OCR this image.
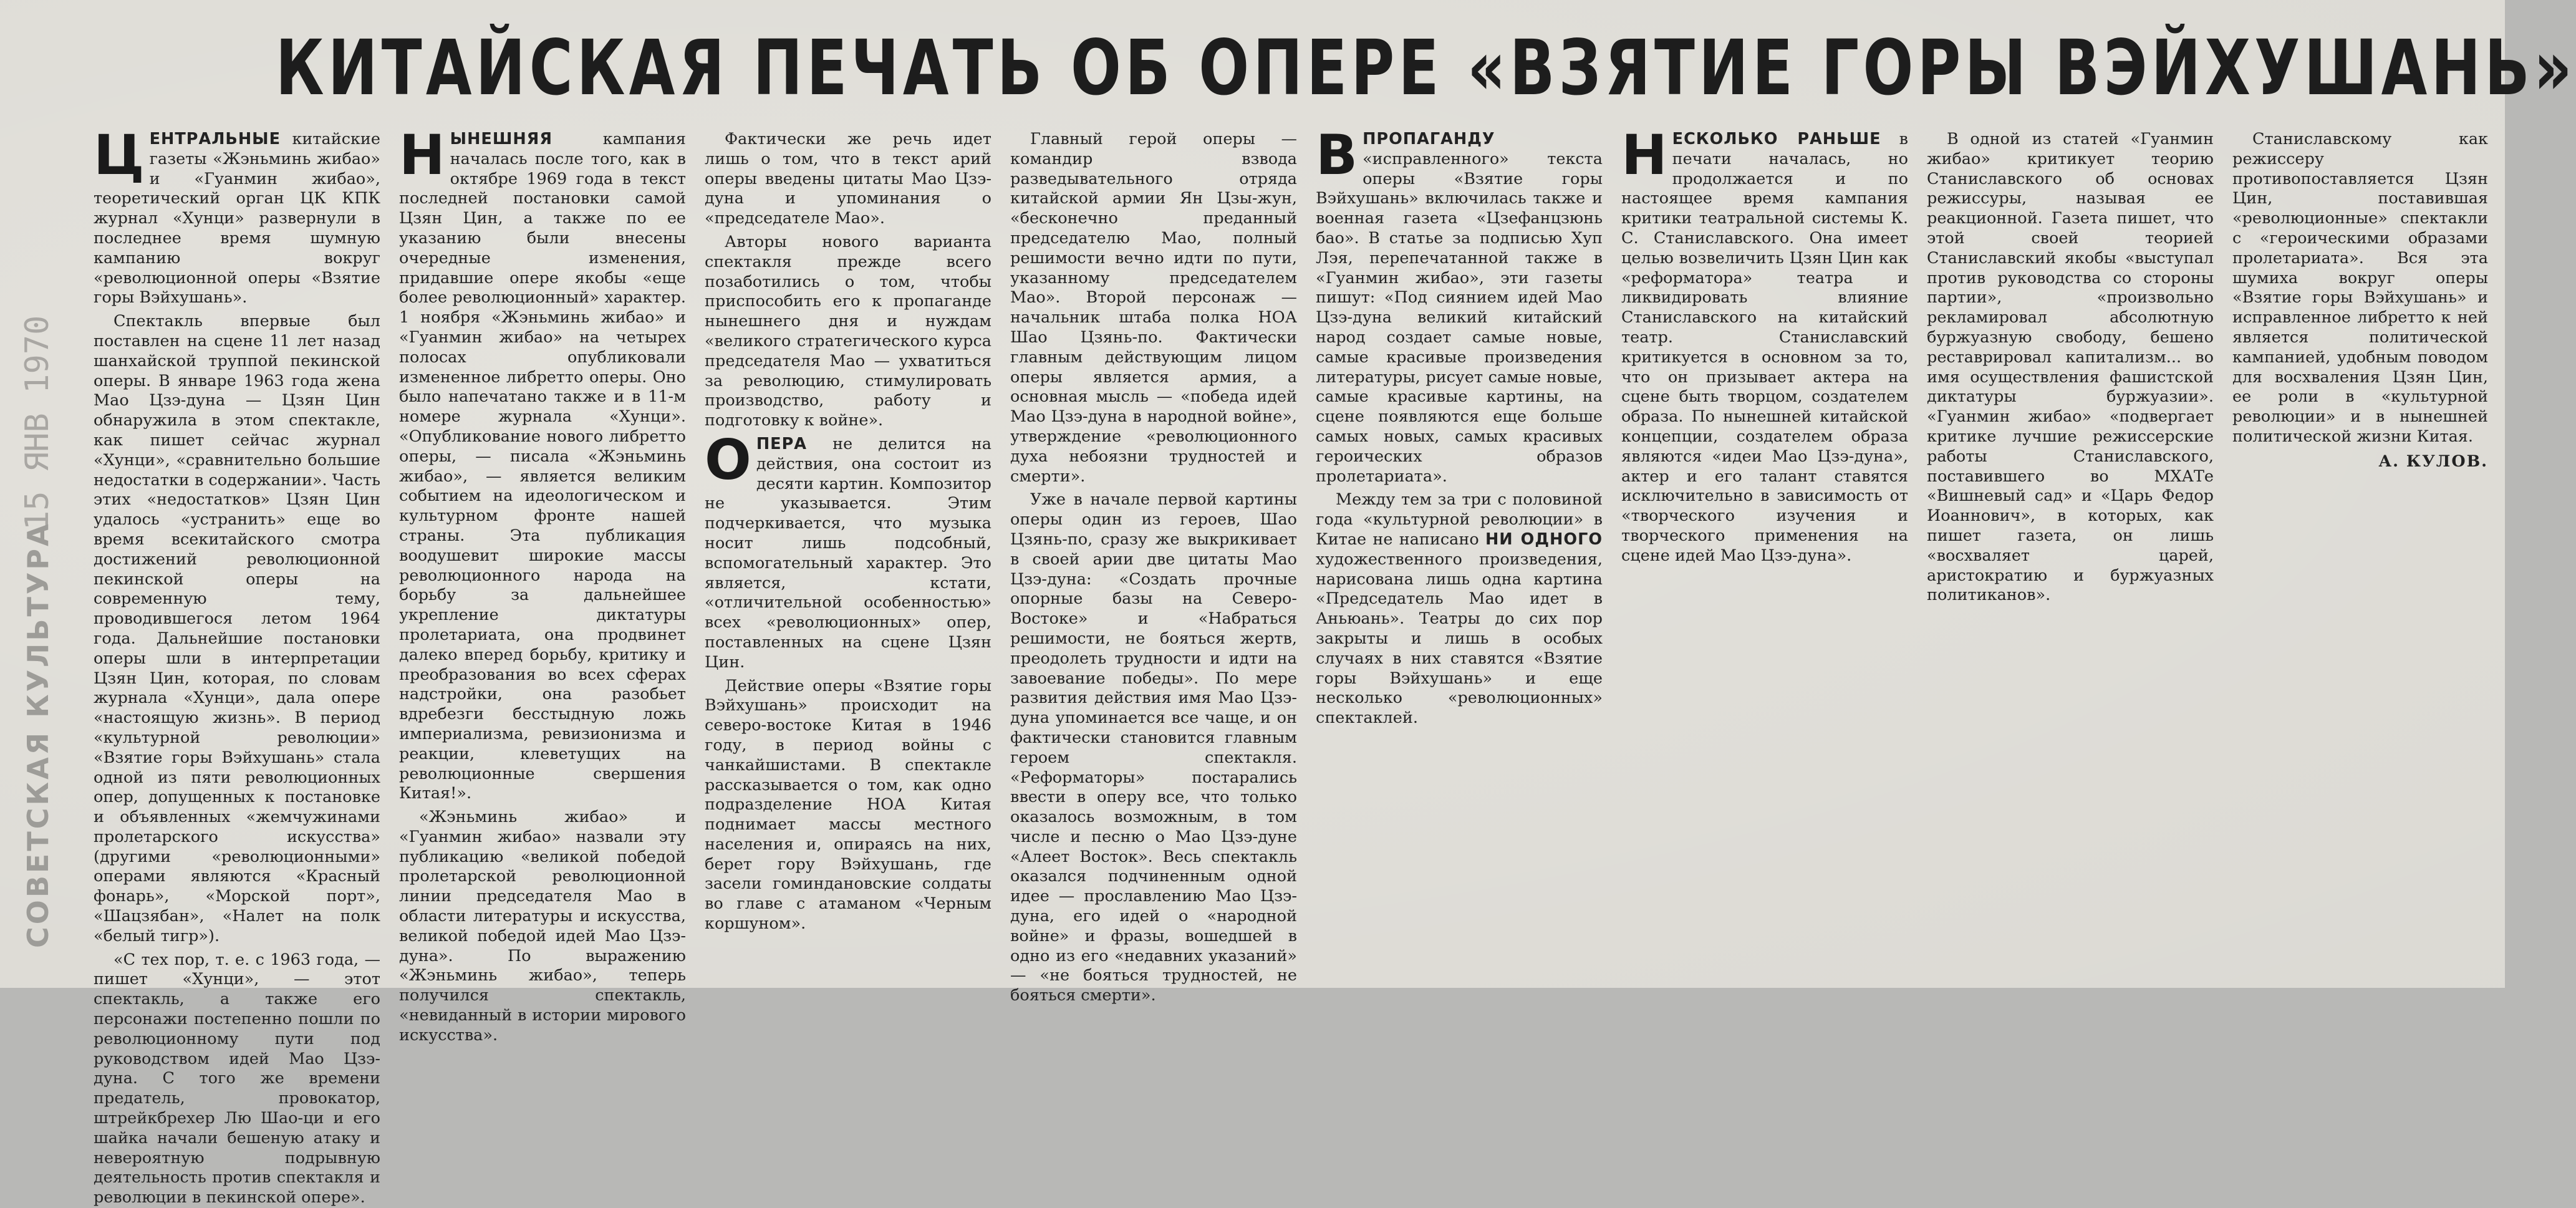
КИТАЙСКАЯ ПЕЧАТЬ ОБ ОПЕРЕ «ВЗЯТИЕ ГОРЫ ВЭЙХУШАНЬ»
15 ЯНВ 1970
СОВЕТСКАЯ КУЛЬТУРА

Ц ЕНТРАЛЬНЫЕ китайские газеты «Жэньминь жибао» и «Гуанмин жибао», теоретический орган ЦК КПК журнал «Хунци» развернули в последнее время шумную кампанию вокруг «революционной оперы «Взятие горы Вэйхушань».

Спектакль впервые был поставлен на сцене 11 лет назад шанхайской труппой пекинской оперы. В январе 1963 года жена Мао Цзэ-дуна — Цзян Цин обнаружила в этом спектакле, как пишет сейчас журнал «Хунци», «сравнительно большие недостатки в содержании». Часть этих «недостатков» Цзян Цин удалось «устранить» еще во время всекитайского смотра достижений революционной пекинской оперы на современную тему, проводившегося летом 1964 года. Дальнейшие постановки оперы шли в интерпретации Цзян Цин, которая, по словам журнала «Хунци», дала опере «настоящую жизнь». В период «культурной революции» «Взятие горы Вэйхушань» стала одной из пяти революционных опер, допущенных к постановке и объявленных «жемчужинами пролетарского искусства» (другими «революционными» операми являются «Красный фонарь», «Морской порт», «Шацзябан», «Налет на полк «белый тигр»).

«С тех пор, т. е. с 1963 года, — пишет «Хунци», — этот спектакль, а также его персонажи постепенно пошли по революционному пути под руководством идей Мао Цзэ-дуна. С того же времени предатель, провокатор, штрейкбрехер Лю Шао-ци и его шайка начали бешеную атаку и невероятную подрывную деятельность против спектакля и революции в пекинской опере».

Н ЫНЕШНЯЯ	кампания началась после того, как в октябре 1969 года в текст последней постановки самой Цзян Цин, а также по ее указанию были внесены очередные изменения, придавшие опере якобы «еще более революционный» характер. 1 ноября «Жэньминь жибао» и «Гуанмин жибао» на четырех полосах опубликовали измененное либретто оперы. Оно было напечатано также и в 11-м номере журнала «Хунци». «Опубликование нового либретто оперы, — писала «Жэньминь жибао», — является великим событием на идеологическом и культурном фронте нашей страны. Эта публикация воодушевит широкие массы революционного народа на борьбу за дальнейшее укрепление диктатуры пролетариата, она продвинет далеко вперед борьбу, критику и преобразования во всех сферах надстройки, она разобьет вдребезги бесстыдную ложь империализма, ревизионизма и реакции, клеветущих на революционные свершения Китая!».

«Жэньминь жибао» и «Гуанмин жибао» назвали эту публикацию «великой победой пролетарской революционной линии председателя Мао в области литературы и искусства, великой победой идей Мао Цзэ-дуна». По выражению «Жэньминь жибао», теперь получился спектакль, «невиданный в истории мирового искусства».

Фактически же речь идет лишь о том, что в текст арий оперы введены цитаты Мао Цзэ-дуна и упоминания о «председателе Мао».

Авторы нового варианта спектакля прежде всего позаботились о том, чтобы приспособить его к пропаганде нынешнего дня и нуждам «великого стратегического курса председателя Мао — ухватиться за революцию, стимулировать производство, работу и подготовку к войне».

О ПЕРА не делится на действия, она состоит из десяти картин. Композитор не указывается. Этим подчеркивается, что музыка носит лишь подсобный, вспомогательный характер. Это является, кстати, «отличительной особенностью» всех «революционных» опер, поставленных на сцене Цзян Цин.

Действие оперы «Взятие горы Вэйхушань» происходит на северо-востоке Китая в 1946 году, в период войны с чанкайшистами. В спектакле рассказывается о том, как одно подразделение НОА Китая поднимает массы местного населения и, опираясь на них, берет гору Вэйхушань, где засели гоминдановские солдаты во главе с атаманом «Черным коршуном».

Главный герой оперы — командир взвода разведывательного отряда китайской армии Ян Цзы-жун, «бесконечно преданный председателю Мао, полный решимости вечно идти по пути, указанному председателем Мао». Второй персонаж — начальник штаба полка НОА Шао Цзянь-по. Фактически главным действующим лицом оперы является армия, а основная мысль — «победа идей Мао Цзэ-дуна в народной войне», утверждение «революционного духа небоязни трудностей и смерти».

Уже в начале первой картины оперы один из героев, Шао Цзянь-по, сразу же выкрикивает в своей арии две цитаты Мао Цзэ-дуна: «Создать прочные опорные базы на Северо-Востоке» и «Набраться решимости, не бояться жертв, преодолеть трудности и идти на завоевание победы». По мере развития действия имя Мао Цзэ-дуна упоминается все чаще, и он фактически становится главным героем спектакля. «Реформаторы» постарались ввести в оперу все, что только оказалось возможным, в том числе и песню о Мао Цзэ-дуне «Алеет Восток». Весь спектакль оказался подчиненным одной идее — прославлению Мао Цзэ-дуна, его идей о «народной войне» и фразы, вошедшей в одно из его «недавних указаний» — «не бояться трудностей, не бояться смерти».

В ПРОПАГАНДУ «исправленного» текста оперы «Взятие горы Вэйхушань» включилась также и военная газета «Цзефанцзюнь бао». В статье за подписью Хуп Лэя, перепечатанной также в «Гуанмин жибао», эти газеты пишут: «Под сиянием идей Мао Цзэ-дуна великий китайский народ создает самые новые, самые красивые произведения литературы, рисует самые новые, самые красивые картины, на сцене появляются еще больше самых новых, самых красивых героических образов пролетариата».

Между тем за три с половиной года «культурной революции» в Китае не написано НИ ОДНОГО художественного произведения, нарисована лишь одна картина «Председатель Мао идет в Аньюань». Театры до сих пор закрыты и лишь в особых случаях в них ставятся «Взятие горы Вэйхушань» и еще несколько «революционных» спектаклей.

Н ЕСКОЛЬКО РАНЬШЕ в печати началась, но продолжается и по настоящее время кампания критики театральной системы К. С. Станиславского. Она имеет целью возвеличить Цзян Цин как «реформатора» театра и ликвидировать влияние Станиславского на китайский театр. Станиславский критикуется в основном за то, что он призывает актера на сцене быть творцом, создателем образа. По нынешней китайской концепции, создателем образа являются «идеи Мао Цзэ-дуна», актер и его талант ставятся исключительно в зависимость от «творческого изучения и творческого применения на сцене идей Мао Цзэ-дуна».

В одной из статей «Гуанмин жибао» критикует теорию Станиславского об основах режиссуры, называя ее реакционной. Газета пишет, что этой своей теорией Станиславский якобы «выступал против руководства со стороны партии», «произвольно рекламировал абсолютную буржуазную свободу, бешено реставрировал капитализм... во имя осуществления фашистской диктатуры буржуазии». «Гуанмин жибао» «подвергает критике лучшие режиссерские работы Станиславского, поставившего во МХАТе «Вишневый сад» и «Царь Федор Иоаннович», в которых, как пишет газета, он лишь «восхваляет царей, аристократию и буржуазных политиканов».

Станиславскому как режиссеру противопоставляется Цзян Цин, поставившая «революционные» спектакли с «героическими образами пролетариата». Вся эта шумиха вокруг оперы «Взятие горы Вэйхушань» и исправленное либретто к ней является политической кампанией, удобным поводом для восхваления Цзян Цин, ее роли в «культурной революции» и в нынешней политической жизни Китая.

А. КУЛОВ.
